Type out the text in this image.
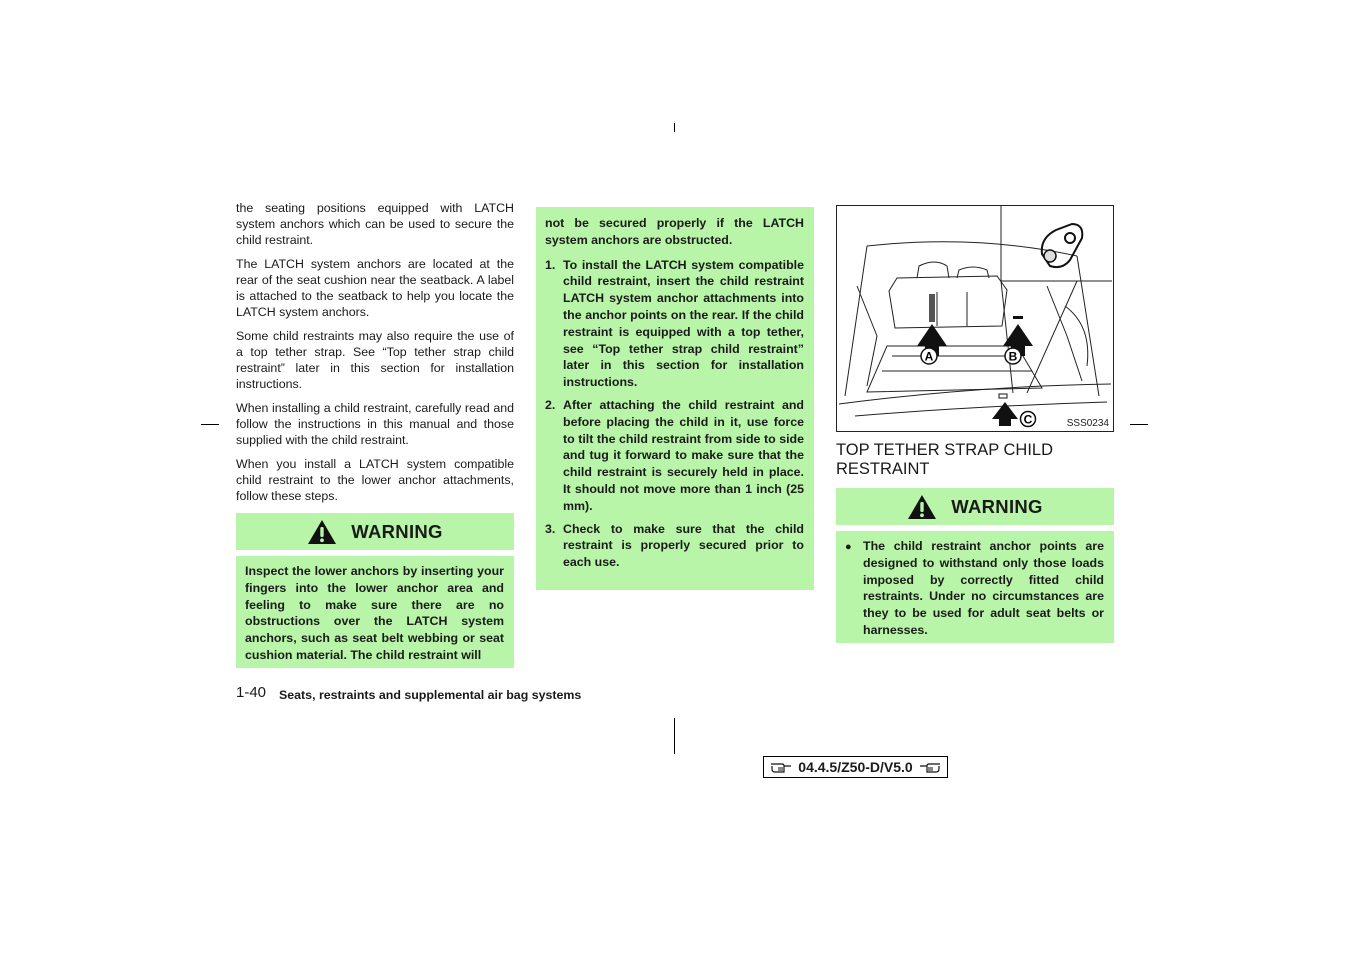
the seating positions equipped with LATCH system anchors which can be used to secure the child restraint.

The LATCH system anchors are located at the rear of the seat cushion near the seatback. A label is attached to the seatback to help you locate the LATCH system anchors.

Some child restraints may also require the use of a top tether strap. See “Top tether strap child restraint” later in this section for installation instructions.

When installing a child restraint, carefully read and follow the instructions in this manual and those supplied with the child restraint.

When you install a LATCH system compatible child restraint to the lower anchor attachments, follow these steps.

WARNING
Inspect the lower anchors by inserting your fingers into the lower anchor area and feeling to make sure there are no obstructions over the LATCH system anchors, such as seat belt webbing or seat cushion material. The child restraint will

not be secured properly if the LATCH system anchors are obstructed.

1. To install the LATCH system compatible child restraint, insert the child restraint LATCH system anchor attachments into the anchor points on the rear. If the child restraint is equipped with a top tether, see “Top tether strap child restraint” later in this section for installation instructions.
2. After attaching the child restraint and before placing the child in it, use force to tilt the child restraint from side to side and tug it forward to make sure that the child restraint is securely held in place. It should not move more than 1 inch (25 mm).
3. Check to make sure that the child restraint is properly secured prior to each use.
A	B
C	SSS0234
TOP TETHER STRAP CHILD RESTRAINT
WARNING
● The child restraint anchor points are designed to withstand only those loads imposed by correctly fitted child restraints. Under no circumstances are they to be used for adult seat belts or harnesses.
1-40 Seats, restraints and supplemental air bag systems
04.4.5/Z50-D/V5.0
